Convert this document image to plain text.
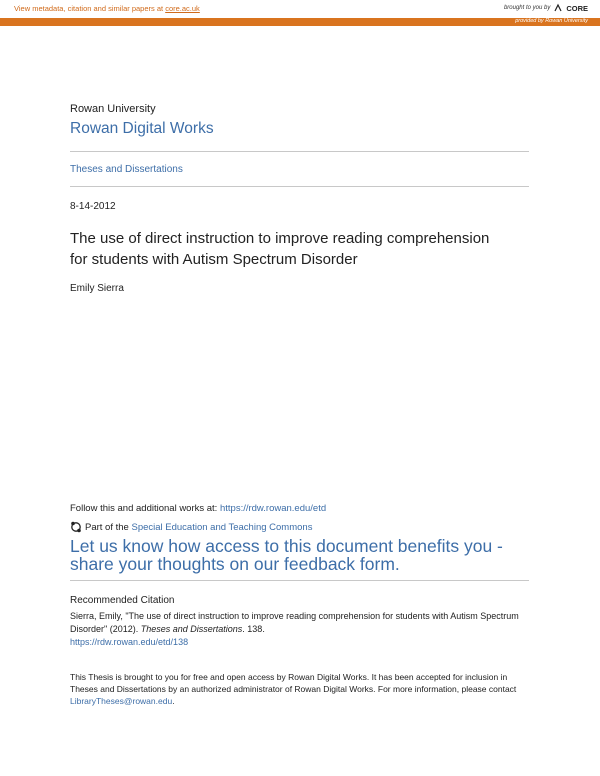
View metadata, citation and similar papers at core.ac.uk	brought to you by CORE
provided by Rowan University
Rowan University
Rowan Digital Works
Theses and Dissertations
8-14-2012
The use of direct instruction to improve reading comprehension
for students with Autism Spectrum Disorder
Emily Sierra
Follow this and additional works at: https://rdw.rowan.edu/etd
Part of the Special Education and Teaching Commons
Let us know how access to this document benefits you -
share your thoughts on our feedback form.
Recommended Citation
Sierra, Emily, "The use of direct instruction to improve reading comprehension for students with Autism Spectrum Disorder" (2012). Theses and Dissertations. 138.
https://rdw.rowan.edu/etd/138
This Thesis is brought to you for free and open access by Rowan Digital Works. It has been accepted for inclusion in Theses and Dissertations by an authorized administrator of Rowan Digital Works. For more information, please contact LibraryTheses@rowan.edu.
